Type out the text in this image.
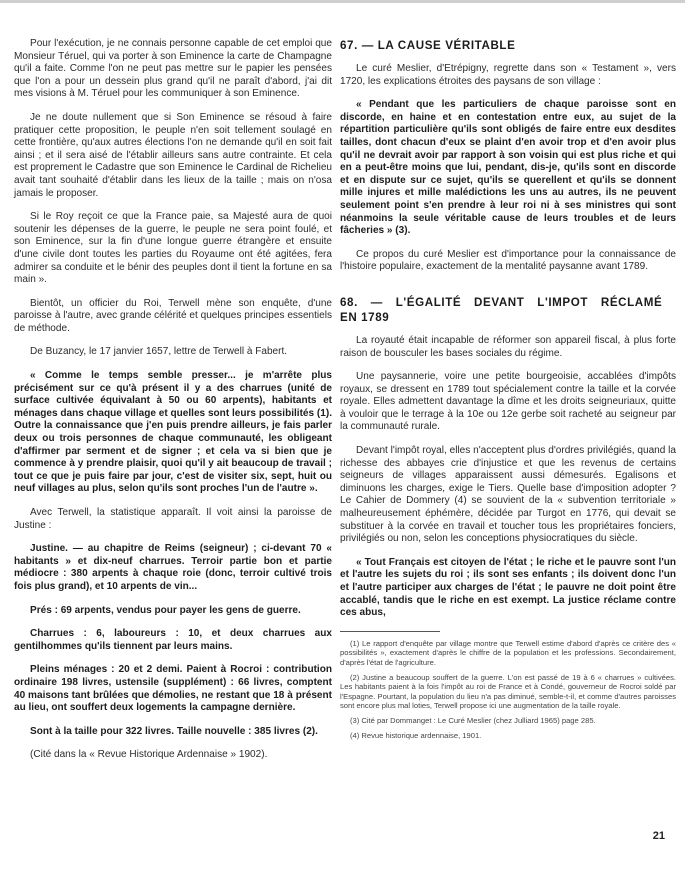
Pour l'exécution, je ne connais personne capable de cet emploi que Monsieur Téruel, qui va porter à son Eminence la carte de Champagne qu'il a faite. Comme l'on ne peut pas mettre sur le papier les pensées que l'on a pour un dessein plus grand qu'il ne paraît d'abord, j'ai dit mes visions à M. Téruel pour les communiquer à son Eminence.

Je ne doute nullement que si Son Eminence se résoud à faire pratiquer cette proposition, le peuple n'en soit tellement soulagé en cette frontière, qu'aux autres élections l'on ne demande qu'il en soit fait ainsi ; et il sera aisé de l'établir ailleurs sans autre contrainte. Et cela est proprement le Cadastre que son Eminence le Cardinal de Richelieu avait tant souhaité d'établir dans les lieux de la taille ; mais on n'osa jamais le proposer.

Si le Roy reçoit ce que la France paie, sa Majesté aura de quoi soutenir les dépenses de la guerre, le peuple ne sera point foulé, et son Eminence, sur la fin d'une longue guerre étrangère et ensuite d'une civile dont toutes les parties du Royaume ont été agitées, fera admirer sa conduite et le bénir des peuples dont il tient la fortune en sa main ».

Bientôt, un officier du Roi, Terwell mène son enquête, d'une paroisse à l'autre, avec grande célérité et quelques principes essentiels de méthode.

De Buzancy, le 17 janvier 1657, lettre de Terwell à Fabert.

« Comme le temps semble presser... je m'arrête plus précisément sur ce qu'à présent il y a des charrues (unité de surface cultivée équivalant à 50 ou 60 arpents), habitants et ménages dans chaque village et quelles sont leurs possibilités (1). Outre la connaissance que j'en puis prendre ailleurs, je fais parler deux ou trois personnes de chaque communauté, les obligeant d'affirmer par serment et de signer ; et cela va si bien que je commence à y prendre plaisir, quoi qu'il y ait beaucoup de travail ; tout ce que je puis faire par jour, c'est de visiter six, sept, huit ou neuf villages au plus, selon qu'ils sont proches l'un de l'autre ».

Avec Terwell, la statistique apparaît. Il voit ainsi la paroisse de Justine :

Justine. — au chapitre de Reims (seigneur) ; ci-devant 70 « habitants » et dix-neuf charrues. Terroir partie bon et partie médiocre : 380 arpents à chaque roie (donc, terroir cultivé trois fois plus grand), et 10 arpents de vin...

Prés : 69 arpents, vendus pour payer les gens de guerre.

Charrues : 6, laboureurs : 10, et deux charrues aux gentilhommes qu'ils tiennent par leurs mains.

Pleins ménages : 20 et 2 demi. Paient à Rocroi : contribution ordinaire 198 livres, ustensile (supplément) : 66 livres, comptent 40 maisons tant brûlées que démolies, ne restant que 18 à présent au lieu, ont souffert deux logements la campagne dernière.

Sont à la taille pour 322 livres. Taille nouvelle : 385 livres (2).

(Cité dans la « Revue Historique Ardennaise » 1902).

67. — LA CAUSE VÉRITABLE

Le curé Meslier, d'Etrépigny, regrette dans son « Testament », vers 1720, les explications étroites des paysans de son village :

« Pendant que les particuliers de chaque paroisse sont en discorde, en haine et en contestation entre eux, au sujet de la répartition particulière qu'ils sont obligés de faire entre eux desdites tailles, dont chacun d'eux se plaint d'en avoir trop et d'en avoir plus qu'il ne devrait avoir par rapport à son voisin qui est plus riche et qui en a peut-être moins que lui, pendant, dis-je, qu'ils sont en discorde et en dispute sur ce sujet, qu'ils se querellent et qu'ils se donnent mille injures et mille malédictions les uns au autres, ils ne peuvent seulement point s'en prendre à leur roi ni à ses ministres qui sont néanmoins la seule véritable cause de leurs troubles et de leurs fâcheries » (3).

Ce propos du curé Meslier est d'importance pour la connaissance de l'histoire populaire, exactement de la mentalité paysanne avant 1789.

68. — L'ÉGALITÉ DEVANT L'IMPOT RÉCLAMÉ
EN 1789

La royauté était incapable de réformer son appareil fiscal, à plus forte raison de bousculer les bases sociales du régime.

Une paysannerie, voire une petite bourgeoisie, accablées d'impôts royaux, se dressent en 1789 tout spécialement contre la taille et la corvée royale. Elles admettent davantage la dîme et les droits seigneuriaux, quitte à vouloir que le terrage à la 10e ou 12e gerbe soit racheté au seigneur par la communauté rurale.

Devant l'impôt royal, elles n'acceptent plus d'ordres privilégiés, quand la richesse des abbayes crie d'injustice et que les revenus de certains seigneurs de villages apparaissent aussi démesurés. Egalisons et diminuons les charges, exige le Tiers. Quelle base d'imposition adopter ? Le Cahier de Dommery (4) se souvient de la « subvention territoriale » malheureusement éphémère, décidée par Turgot en 1776, qui devait se substituer à la corvée en travail et toucher tous les propriétaires fonciers, privilégiés ou non, selon les conceptions physiocratiques du siècle.

« Tout Français est citoyen de l'état ; le riche et le pauvre sont l'un et l'autre les sujets du roi ; ils sont ses enfants ; ils doivent donc l'un et l'autre participer aux charges de l'état ; le pauvre ne doit point être accablé, tandis que le riche en est exempt. La justice réclame contre ces abus,

(1) Le rapport d'enquête par village montre que Terwell estime d'abord d'après ce critère des « possibilités », exactement d'après le chiffre de la population et les professions. Secondairement, d'après l'état de l'agriculture.

(2) Justine a beaucoup souffert de la guerre. L'on est passé de 19 à 6 « charrues » cultivées. Les habitants paient à la fois l'impôt au roi de France et à Condé, gouverneur de Rocroi soldé par l'Espagne. Pourtant, la population du lieu n'a pas diminué, semble-t-il, et comme d'autres paroisses sont encore plus mal loties, Terwell propose ici une augmentation de la taille royale.

(3) Cité par Dommanget : Le Curé Meslier (chez Julliard 1965) page 285.

(4) Revue historique ardennaise, 1901.

21
